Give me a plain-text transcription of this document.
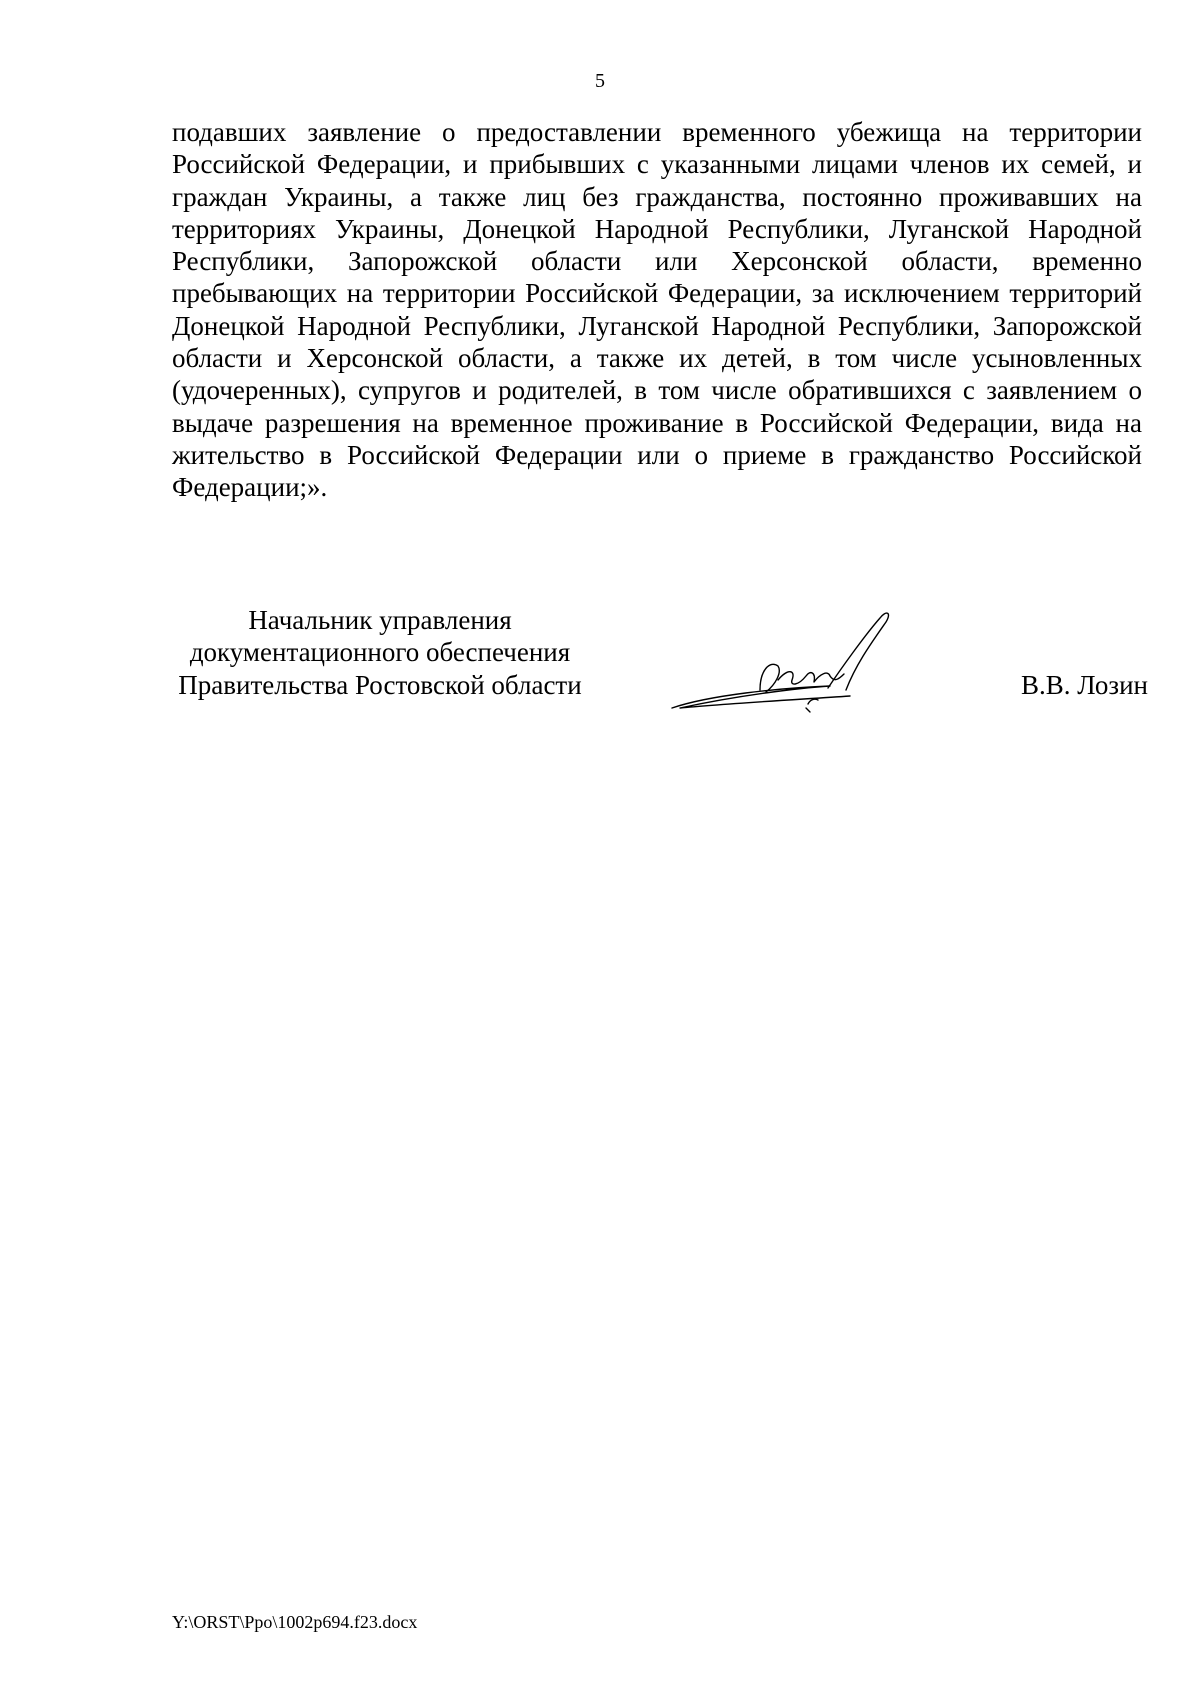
5

подавших заявление о предоставлении временного убежища на территории Российской Федерации, и прибывших с указанными лицами членов их семей, и граждан Украины, а также лиц без гражданства, постоянно проживавших на территориях Украины, Донецкой Народной Республики, Луганской Народной Республики, Запорожской области или Херсонской области, временно пребывающих на территории Российской Федерации, за исключением территорий Донецкой Народной Республики, Луганской Народной Республики, Запорожской области и Херсонской области, а также их детей, в том числе усыновленных (удочеренных), супругов и родителей, в том числе обратившихся с заявлением о выдаче разрешения на временное проживание в Российской Федерации, вида на жительство в Российской Федерации или о приеме в гражданство Российской Федерации;».

Начальник управления
документационного обеспечения
Правительства Ростовской области	В.В. Лозин
Y:\ORST\Ppo\1002p694.f23.docx
